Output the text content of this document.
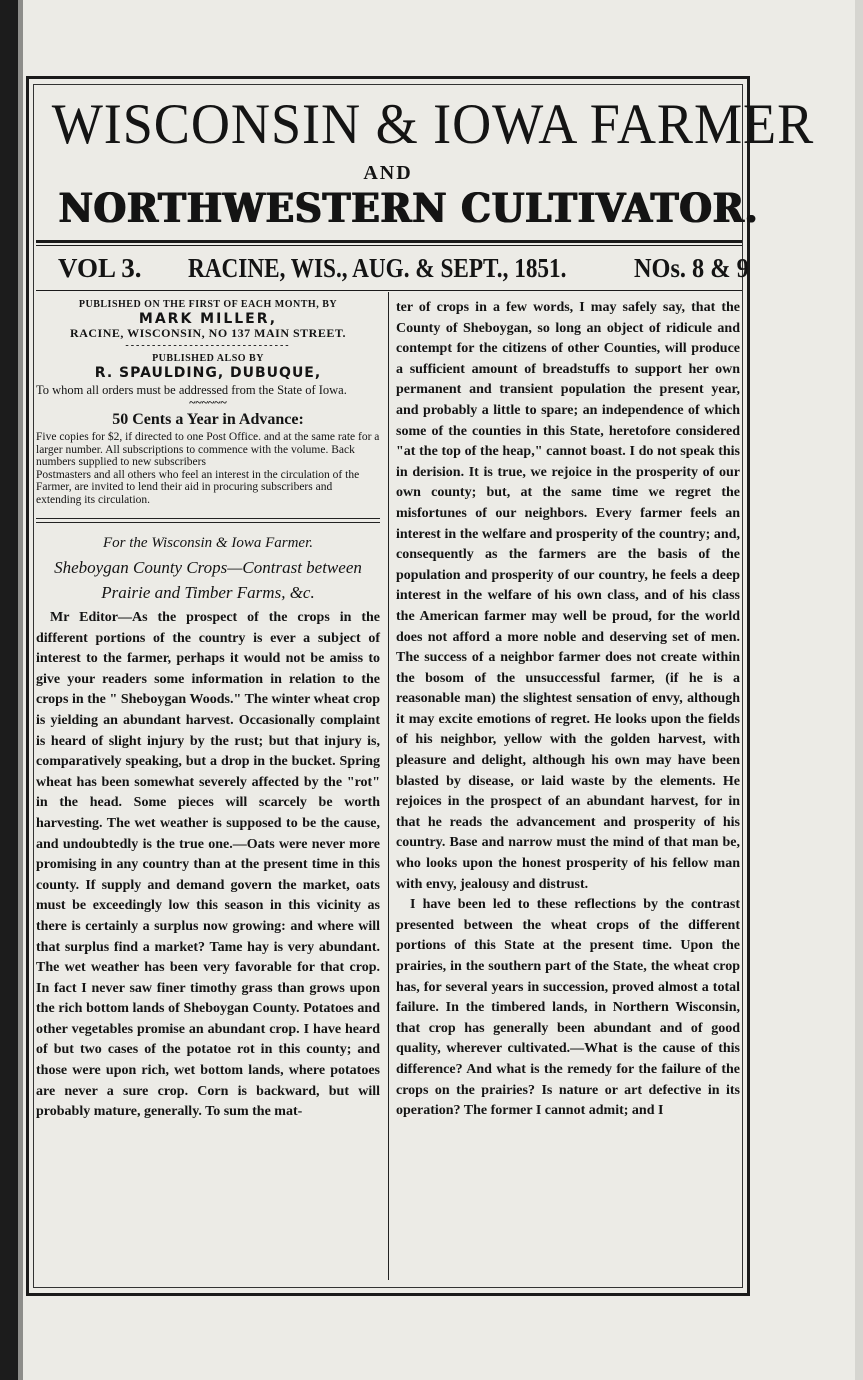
WISCONSIN & IOWA FARMER
AND
NORTHWESTERN CULTIVATOR.
VOL 3. RACINE, WIS., AUG. & SEPT., 1851.	NOs. 8 & 9
PUBLISHED ON THE FIRST OF EACH MONTH, BY
MARK MILLER,
RACINE, WISCONSIN, NO 137 MAIN STREET.
-------------------------------
PUBLISHED ALSO BY
R. SPAULDING, DUBUQUE,
To whom all orders must be addressed from the State of Iowa.
~~~~~~
50 Cents a Year in Advance:
Five copies for $2, if directed to one Post Office. and at the same rate for a larger number. All subscriptions to commence with the volume. Back numbers supplied to new subscribers
Postmasters and all others who feel an interest in the circulation of the Farmer, are invited to lend their aid in procuring subscribers and extending its circulation.
For the Wisconsin & Iowa Farmer.
Sheboygan County Crops—Contrast between Prairie and Timber Farms, &c.

Mr Editor—As the prospect of the crops in the different portions of the country is ever a subject of interest to the farmer, perhaps it would not be amiss to give your readers some information in relation to the crops in the " Sheboygan Woods." The winter wheat crop is yielding an abundant harvest. Occasionally complaint is heard of slight injury by the rust; but that injury is, comparatively speaking, but a drop in the bucket. Spring wheat has been somewhat severely affected by the "rot" in the head. Some pieces will scarcely be worth harvesting. The wet weather is supposed to be the cause, and undoubtedly is the true one.—Oats were never more promising in any country than at the present time in this county. If supply and demand govern the market, oats must be exceedingly low this season in this vicinity as there is certainly a surplus now growing: and where will that surplus find a market? Tame hay is very abundant. The wet weather has been very favorable for that crop. In fact I never saw finer timothy grass than grows upon the rich bottom lands of Sheboygan County. Potatoes and other vegetables promise an abundant crop. I have heard of but two cases of the potatoe rot in this county; and those were upon rich, wet bottom lands, where potatoes are never a sure crop. Corn is backward, but will probably mature, generally. To sum the mat-

ter of crops in a few words, I may safely say, that the County of Sheboygan, so long an object of ridicule and contempt for the citizens of other Counties, will produce a sufficient amount of breadstuffs to support her own permanent and transient population the present year, and probably a little to spare; an independence of which some of the counties in this State, heretofore considered "at the top of the heap," cannot boast. I do not speak this in derision. It is true, we rejoice in the prosperity of our own county; but, at the same time we regret the misfortunes of our neighbors. Every farmer feels an interest in the welfare and prosperity of the country; and, consequently as the farmers are the basis of the population and prosperity of our country, he feels a deep interest in the welfare of his own class, and of his class the American farmer may well be proud, for the world does not afford a more noble and deserving set of men. The success of a neighbor farmer does not create within the bosom of the unsuccessful farmer, (if he is a reasonable man) the slightest sensation of envy, although it may excite emotions of regret. He looks upon the fields of his neighbor, yellow with the golden harvest, with pleasure and delight, although his own may have been blasted by disease, or laid waste by the elements. He rejoices in the prospect of an abundant harvest, for in that he reads the advancement and prosperity of his country. Base and narrow must the mind of that man be, who looks upon the honest prosperity of his fellow man with envy, jealousy and distrust.

I have been led to these reflections by the contrast presented between the wheat crops of the different portions of this State at the present time. Upon the prairies, in the southern part of the State, the wheat crop has, for several years in succession, proved almost a total failure. In the timbered lands, in Northern Wisconsin, that crop has generally been abundant and of good quality, wherever cultivated.—What is the cause of this difference? And what is the remedy for the failure of the crops on the prairies? Is nature or art defective in its operation? The former I cannot admit; and I
